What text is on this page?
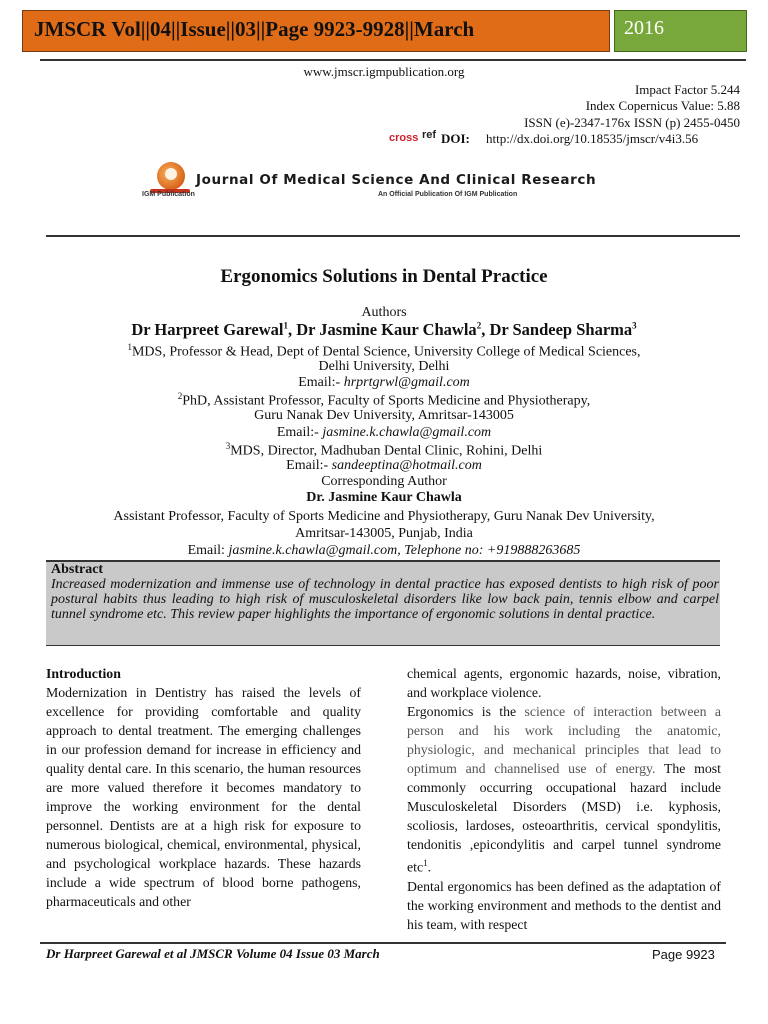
JMSCR Vol||04||Issue||03||Page 9923-9928||March	2016
www.jmscr.igmpublication.org
Impact Factor 5.244
Index Copernicus Value: 5.88
ISSN (e)-2347-176x ISSN (p) 2455-0450
cross ref DOI: http://dx.doi.org/10.18535/jmscr/v4i3.56
IGM Publication
Journal Of Medical Science And Clinical Research
An Official Publication Of IGM Publication
Ergonomics Solutions in Dental Practice
Authors
Dr Harpreet Garewal$^1$, Dr Jasmine Kaur Chawla$^2$, Dr Sandeep Sharma$^3$
$^1$MDS, Professor & Head, Dept of Dental Science, University College of Medical Sciences,
Delhi University, Delhi
Email:- hrprtgrwl@gmail.com
$^2$PhD, Assistant Professor, Faculty of Sports Medicine and Physiotherapy,
Guru Nanak Dev University, Amritsar-143005
Email:- jasmine.k.chawla@gmail.com
$^3$MDS, Director, Madhuban Dental Clinic, Rohini, Delhi
Email:- sandeeptina@hotmail.com
Corresponding Author
Dr. Jasmine Kaur Chawla
Assistant Professor, Faculty of Sports Medicine and Physiotherapy, Guru Nanak Dev University,
Amritsar-143005, Punjab, India
Email: jasmine.k.chawla@gmail.com, Telephone no: +919888263685
Abstract
Increased modernization and immense use of technology in dental practice has exposed dentists to high risk of poor postural habits thus leading to high risk of musculoskeletal disorders like low back pain, tennis elbow and carpel tunnel syndrome etc. This review paper highlights the importance of ergonomic solutions in dental practice.
Introduction
Modernization in Dentistry has raised the levels of excellence for providing comfortable and quality approach to dental treatment. The emerging challenges in our profession demand for increase in efficiency and quality dental care. In this scenario, the human resources are more valued therefore it becomes mandatory to improve the working environment for the dental personnel. Dentists are at a high risk for exposure to numerous biological, chemical, environmental, physical, and psychological workplace hazards. These hazards include a wide spectrum of blood borne pathogens, pharmaceuticals and other
chemical agents, ergonomic hazards, noise, vibration, and workplace violence.
Ergonomics is the science of interaction between a person and his work including the anatomic, physiologic, and mechanical principles that lead to optimum and channelised use of energy. The most commonly occurring occupational hazard include Musculoskeletal Disorders (MSD) i.e. kyphosis, scoliosis, lardoses, osteoarthritis, cervical spondylitis, tendonitis ,epicondylitis and carpel tunnel syndrome etc$^1$.
Dental ergonomics has been defined as the adaptation of the working environment and methods to the dentist and his team, with respect
Dr Harpreet Garewal et al JMSCR Volume 04 Issue 03 March	Page 9923
